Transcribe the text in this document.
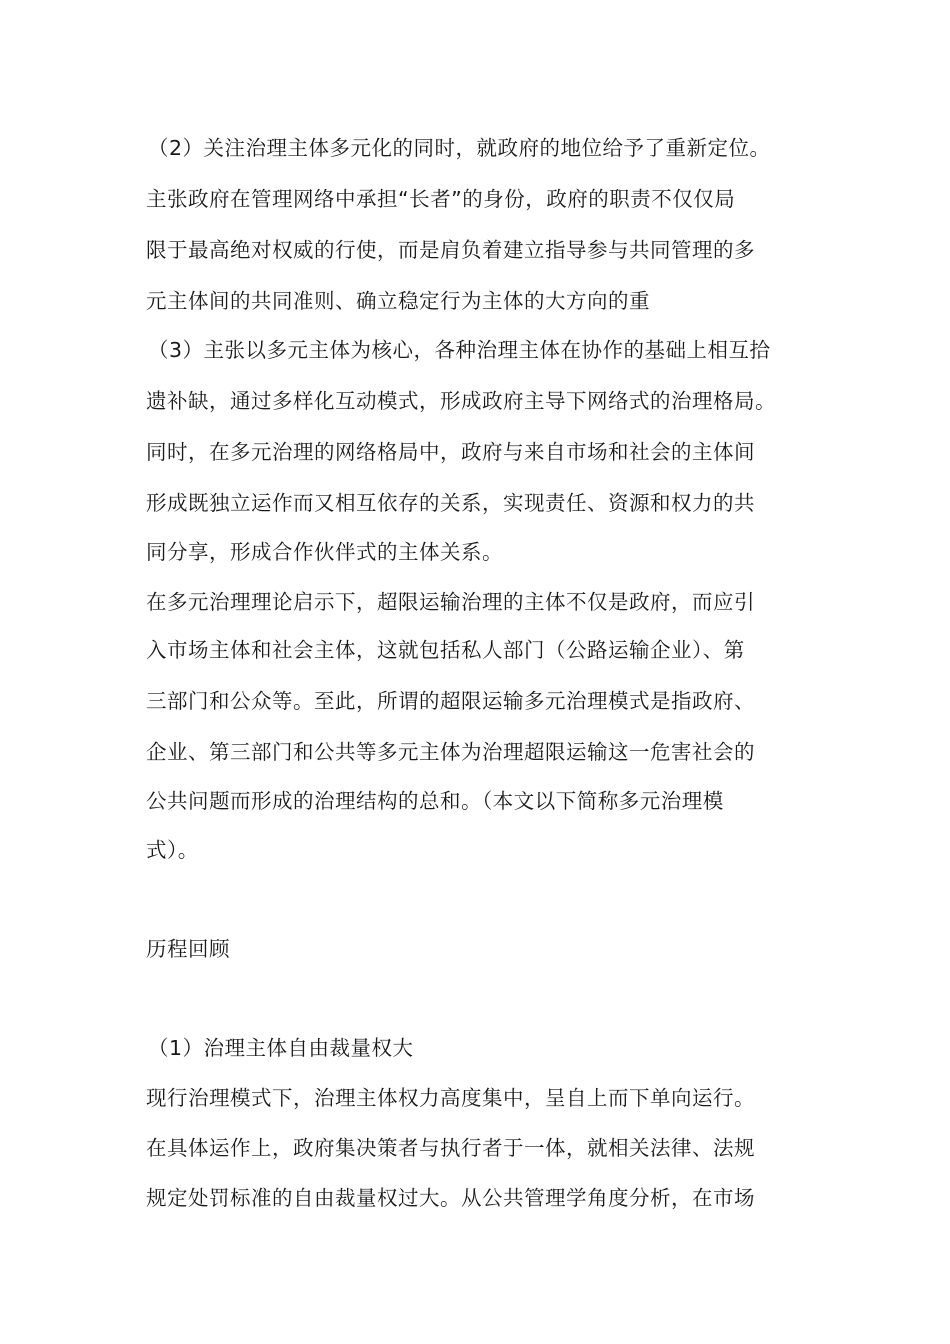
（2）关注治理主体多元化的同时，就政府的地位给予了重新定位。
主张政府在管理网络中承担“长者”的身份，政府的职责不仅仅局
限于最高绝对权威的行使，而是肩负着建立指导参与共同管理的多
元主体间的共同准则、确立稳定行为主体的大方向的重
（3）主张以多元主体为核心，各种治理主体在协作的基础上相互拾
遗补缺，通过多样化互动模式，形成政府主导下网络式的治理格局。
同时，在多元治理的网络格局中，政府与来自市场和社会的主体间
形成既独立运作而又相互依存的关系，实现责任、资源和权力的共
同分享，形成合作伙伴式的主体关系。
在多元治理理论启示下，超限运输治理的主体不仅是政府，而应引
入市场主体和社会主体，这就包括私人部门（公路运输企业）、第
三部门和公众等。至此，所谓的超限运输多元治理模式是指政府、
企业、第三部门和公共等多元主体为治理超限运输这一危害社会的
公共问题而形成的治理结构的总和。（本文以下简称多元治理模
式）。
历程回顾
（1）治理主体自由裁量权大
现行治理模式下，治理主体权力高度集中，呈自上而下单向运行。
在具体运作上，政府集决策者与执行者于一体，就相关法律、法规
规定处罚标准的自由裁量权过大。从公共管理学角度分析，在市场
